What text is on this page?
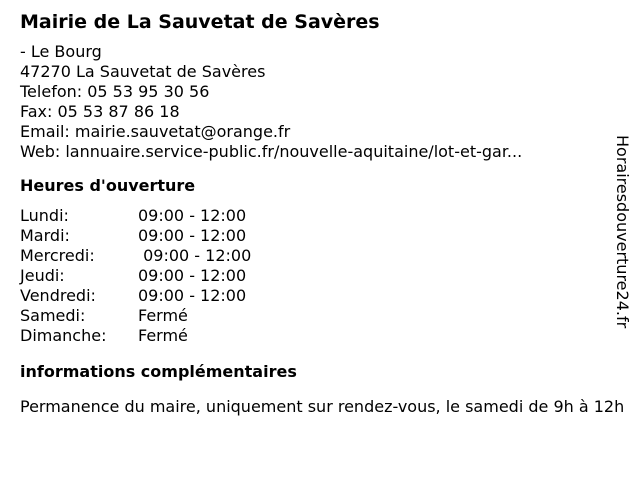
Mairie de La Sauvetat de Savères
- Le Bourg
47270 La Sauvetat de Savères
Telefon: 05 53 95 30 56
Fax: 05 53 87 86 18
Email: mairie.sauvetat@orange.fr
Web: lannuaire.service-public.fr/nouvelle-aquitaine/lot-et-gar...
Heures d'ouverture
Lundi:	09:00 - 12:00
Mardi:	09:00 - 12:00
Mercredi:	09:00 - 12:00
Jeudi:	09:00 - 12:00
Vendredi:	09:00 - 12:00
Samedi:	Fermé
Dimanche:	Fermé
informations complémentaires
Permanence du maire, uniquement sur rendez-vous, le samedi de 9h à 12h
Horairesdouverture24.fr
